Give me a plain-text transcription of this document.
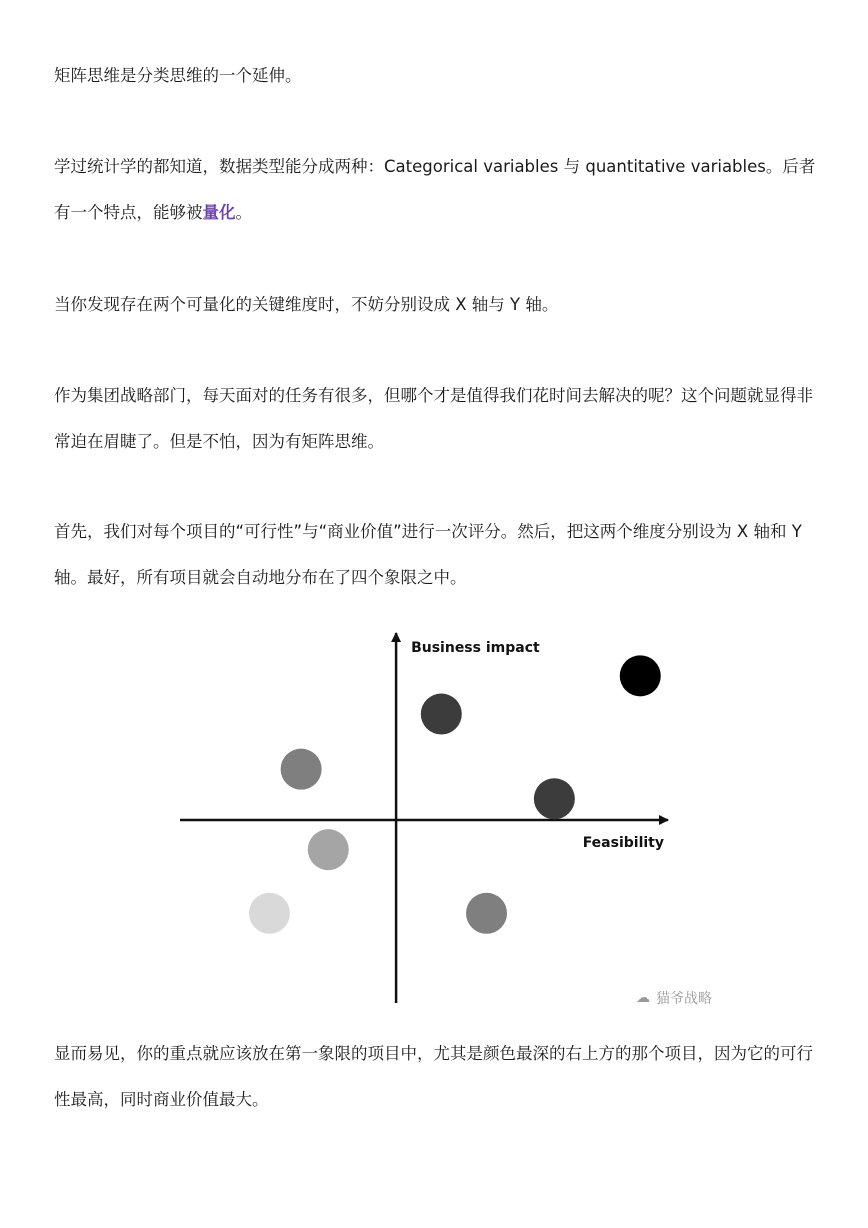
矩阵思维是分类思维的一个延伸。

学过统计学的都知道，数据类型能分成两种：Categorical variables 与 quantitative variables。后者有一个特点，能够被量化。

当你发现存在两个可量化的关键维度时，不妨分别设成 X 轴与 Y 轴。

作为集团战略部门，每天面对的任务有很多，但哪个才是值得我们花时间去解决的呢？这个问题就显得非常迫在眉睫了。但是不怕，因为有矩阵思维。

首先，我们对每个项目的“可行性”与“商业价值”进行一次评分。然后，把这两个维度分别设为 X 轴和 Y 轴。最好，所有项目就会自动地分布在了四个象限之中。

Business impact
Feasibility
☁ 猫爷战略

显而易见，你的重点就应该放在第一象限的项目中，尤其是颜色最深的右上方的那个项目，因为它的可行性最高，同时商业价值最大。
